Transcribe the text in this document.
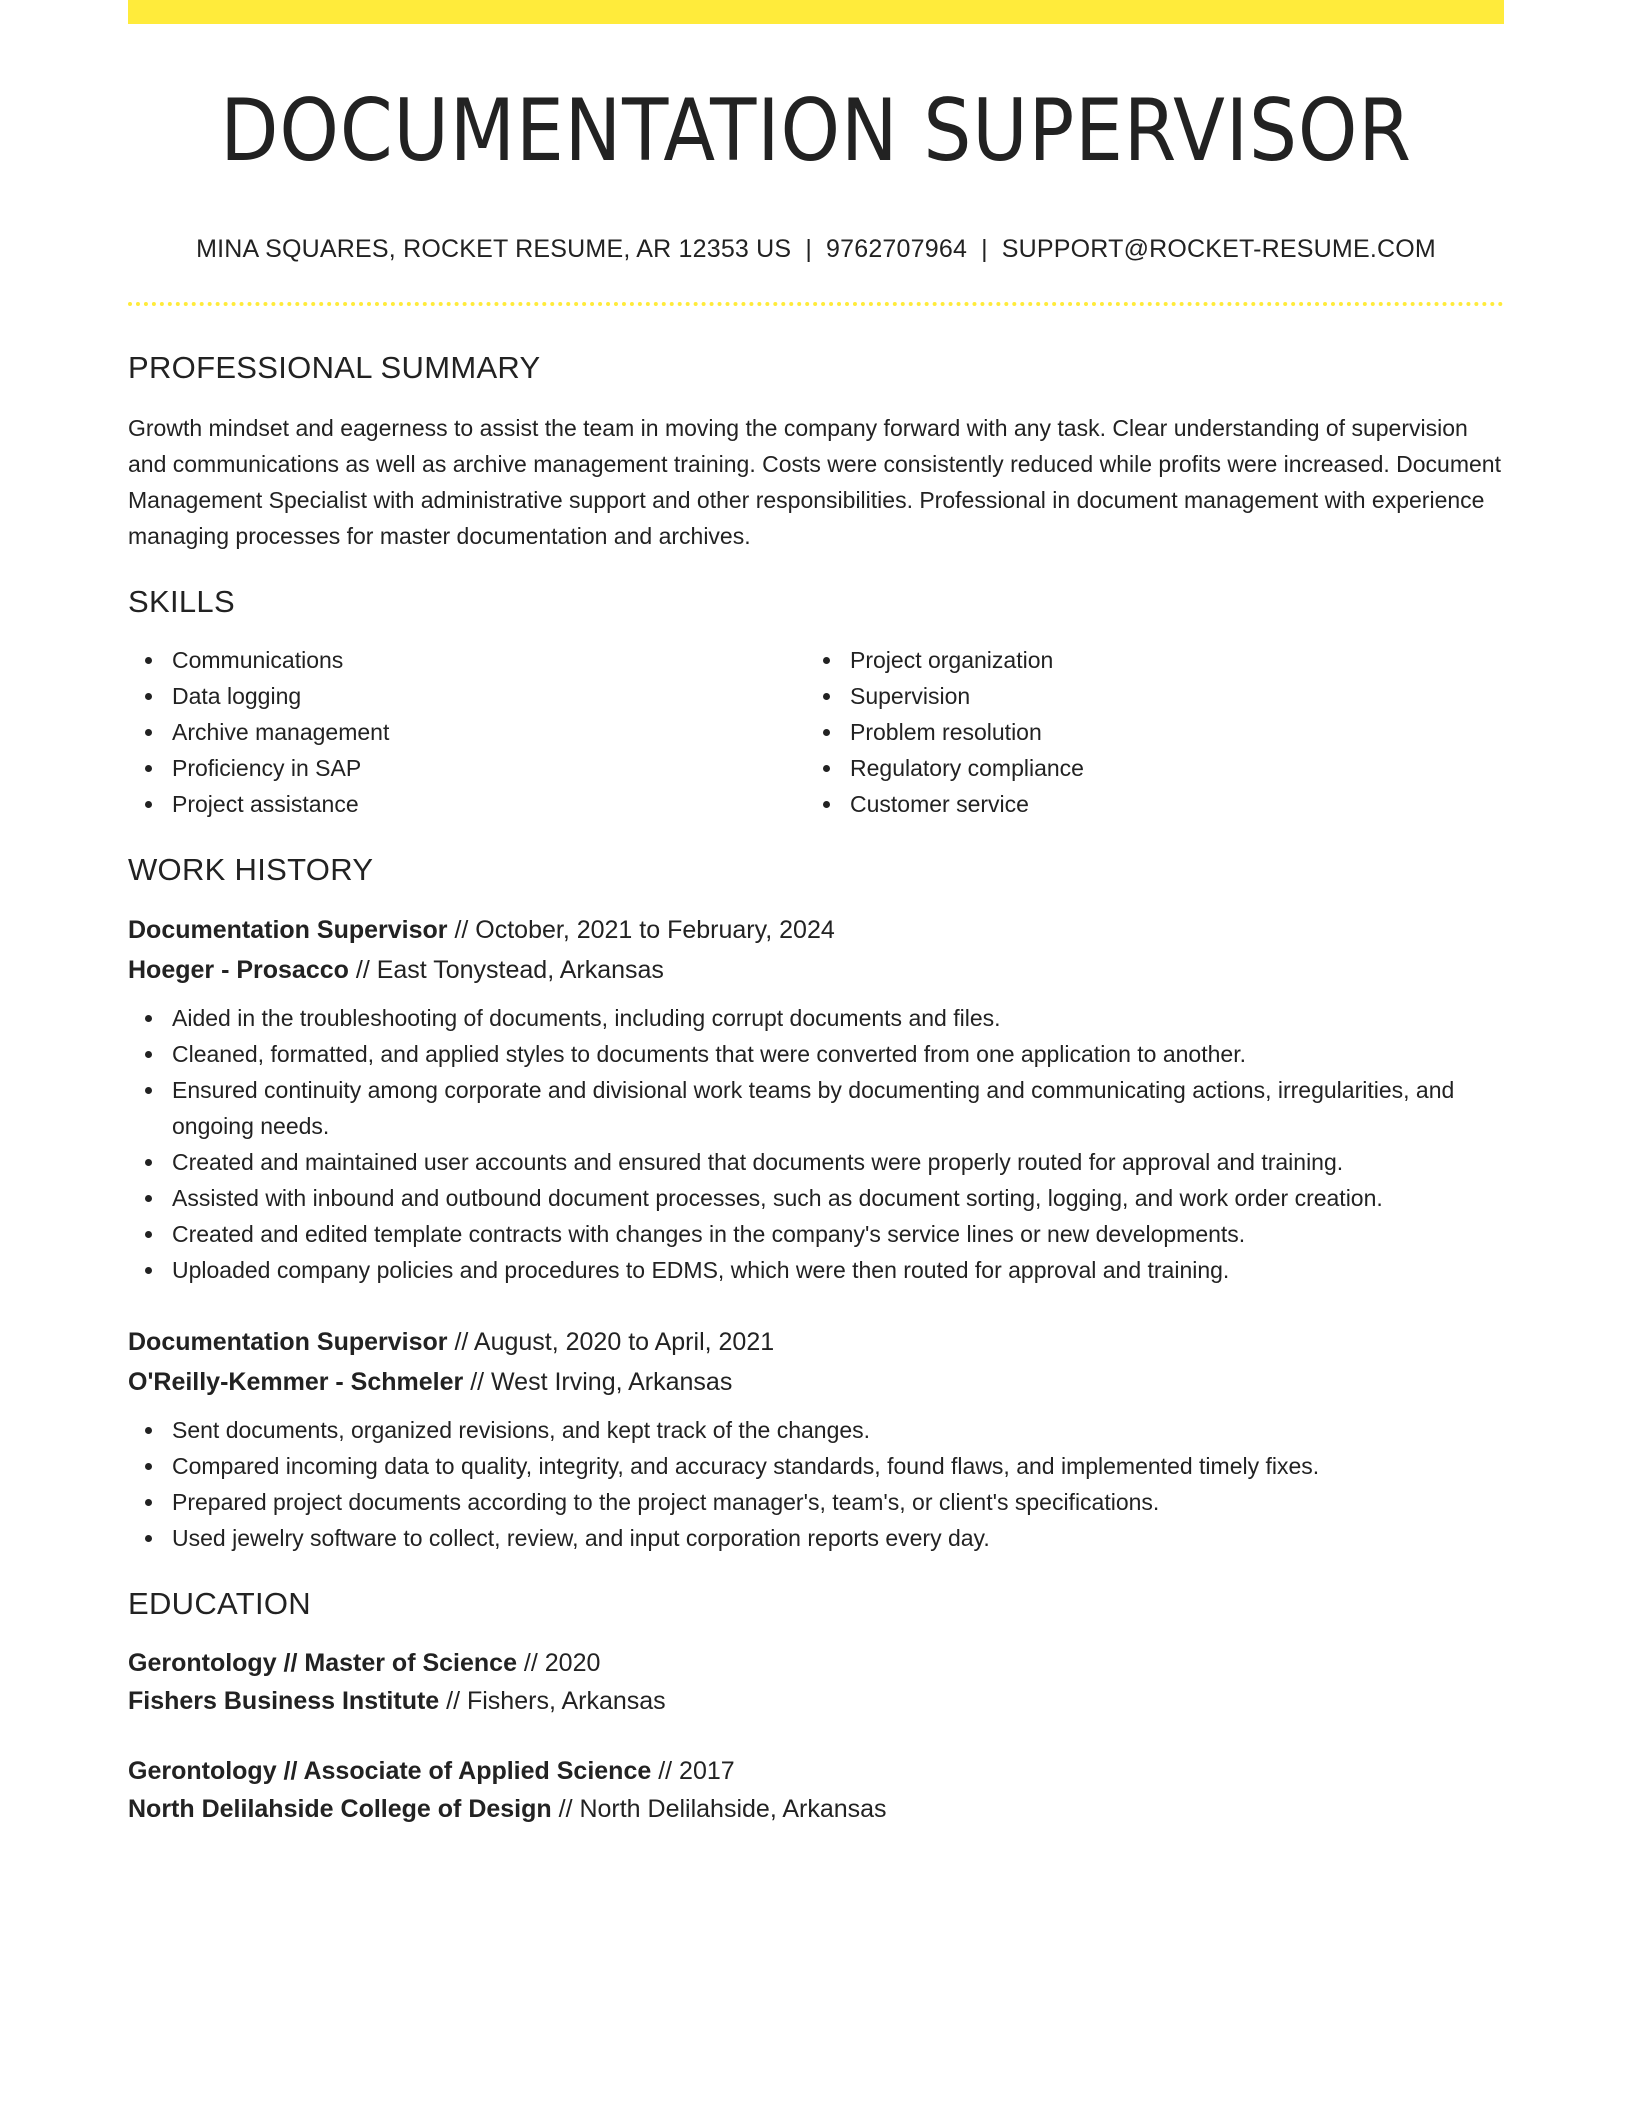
DOCUMENTATION SUPERVISOR
MINA SQUARES, ROCKET RESUME, AR 12353 US | 9762707964 | SUPPORT@ROCKET-RESUME.COM
PROFESSIONAL SUMMARY
Growth mindset and eagerness to assist the team in moving the company forward with any task. Clear understanding of supervision and communications as well as archive management training. Costs were consistently reduced while profits were increased. Document Management Specialist with administrative support and other responsibilities. Professional in document management with experience managing processes for master documentation and archives.
SKILLS
Communications
Data logging
Archive management
Proficiency in SAP
Project assistance
Project organization
Supervision
Problem resolution
Regulatory compliance
Customer service
WORK HISTORY
Documentation Supervisor // October, 2021 to February, 2024
Hoeger - Prosacco // East Tonystead, Arkansas
Aided in the troubleshooting of documents, including corrupt documents and files.
Cleaned, formatted, and applied styles to documents that were converted from one application to another.
Ensured continuity among corporate and divisional work teams by documenting and communicating actions, irregularities, and ongoing needs.
Created and maintained user accounts and ensured that documents were properly routed for approval and training.
Assisted with inbound and outbound document processes, such as document sorting, logging, and work order creation.
Created and edited template contracts with changes in the company's service lines or new developments.
Uploaded company policies and procedures to EDMS, which were then routed for approval and training.
Documentation Supervisor // August, 2020 to April, 2021
O'Reilly-Kemmer - Schmeler // West Irving, Arkansas
Sent documents, organized revisions, and kept track of the changes.
Compared incoming data to quality, integrity, and accuracy standards, found flaws, and implemented timely fixes.
Prepared project documents according to the project manager's, team's, or client's specifications.
Used jewelry software to collect, review, and input corporation reports every day.
EDUCATION
Gerontology // Master of Science // 2020
Fishers Business Institute // Fishers, Arkansas
Gerontology // Associate of Applied Science // 2017
North Delilahside College of Design // North Delilahside, Arkansas
